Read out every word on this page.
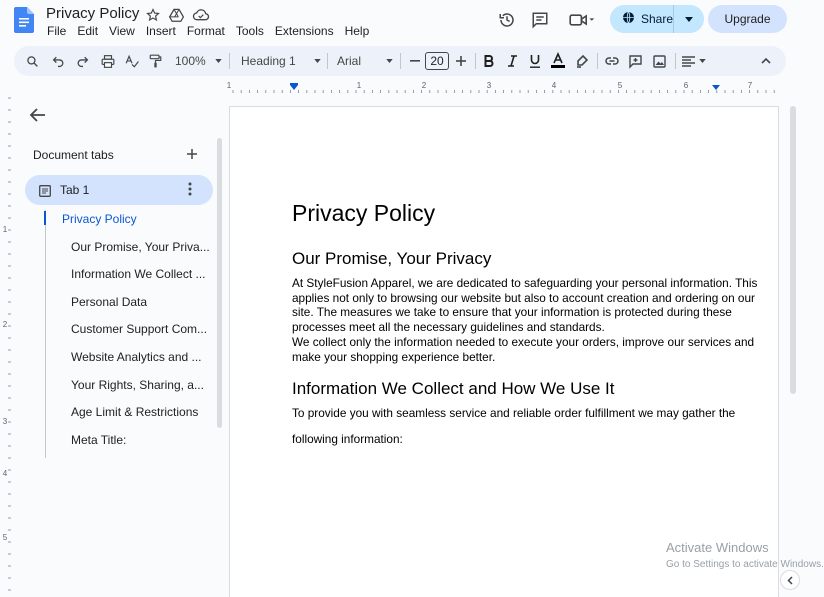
Privacy Policy
File Edit View Insert Format Tools Extensions Help
Share	Upgrade
100%	Heading 1	Arial	20
1	1	2	3	4	5	6	7
1
2
3
4
5
Document tabs
Tab 1
Privacy Policy
Our Promise, Your Priva...
Information We Collect ...
Personal Data
Customer Support Com...
Website Analytics and ...
Your Rights, Sharing, a...
Age Limit & Restrictions
Meta Title:
Privacy Policy
Our Promise, Your Privacy
At StyleFusion Apparel, we are dedicated to safeguarding your personal information. This applies not only to browsing our website but also to account creation and ordering on our site. The measures we take to ensure that your information is protected during these processes meet all the necessary guidelines and standards.
We collect only the information needed to execute your orders, improve our services and make your shopping experience better.
Information We Collect and How We Use It
To provide you with seamless service and reliable order fulfillment we may gather the
following information:
Activate Windows
Go to Settings to activate Windows.
